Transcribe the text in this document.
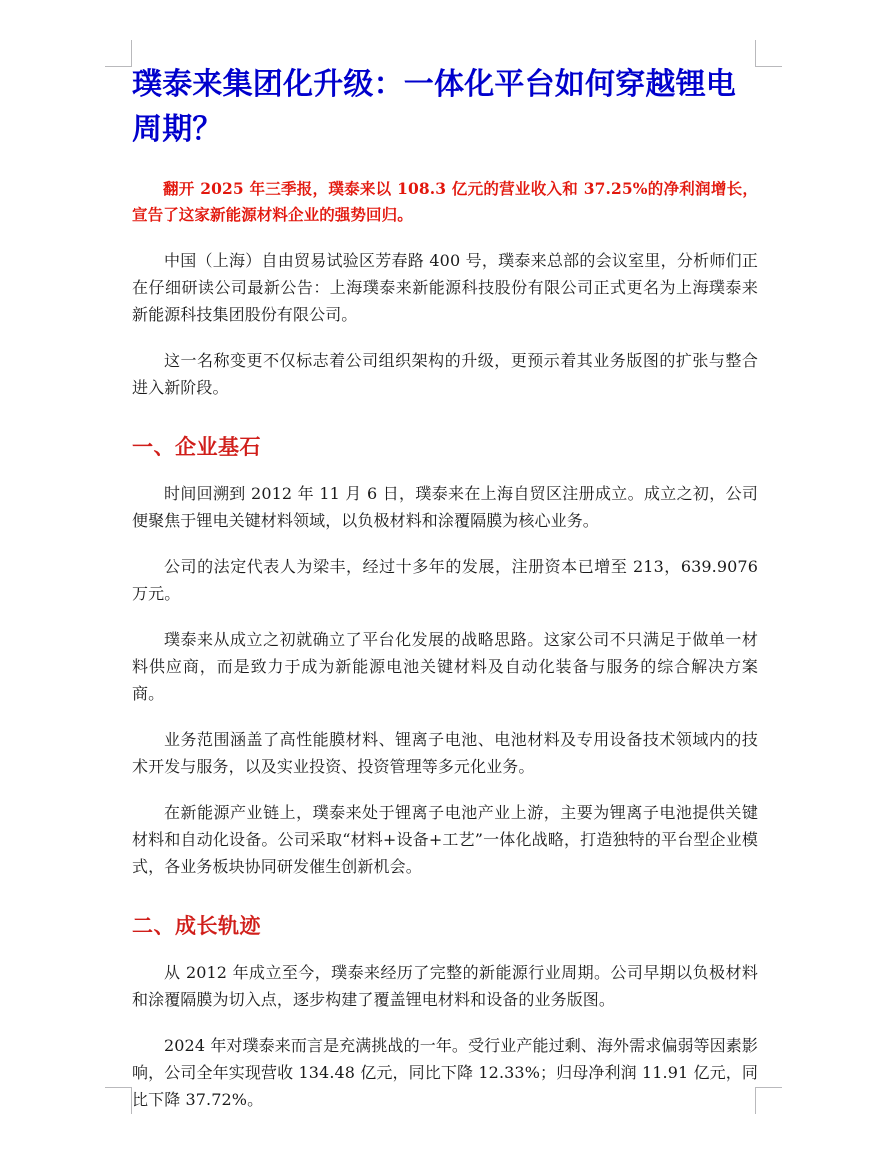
璞泰来集团化升级：一体化平台如何穿越锂电周期？

翻开 2025 年三季报，璞泰来以 108.3 亿元的营业收入和 37.25%的净利润增长，宣告了这家新能源材料企业的强势回归。

中国（上海）自由贸易试验区芳春路 400 号，璞泰来总部的会议室里，分析师们正在仔细研读公司最新公告：上海璞泰来新能源科技股份有限公司正式更名为上海璞泰来新能源科技集团股份有限公司。

这一名称变更不仅标志着公司组织架构的升级，更预示着其业务版图的扩张与整合进入新阶段。

一、企业基石

时间回溯到 2012 年 11 月 6 日，璞泰来在上海自贸区注册成立。成立之初，公司便聚焦于锂电关键材料领域，以负极材料和涂覆隔膜为核心业务。

公司的法定代表人为梁丰，经过十多年的发展，注册资本已增至 213，639.9076 万元。

璞泰来从成立之初就确立了平台化发展的战略思路。这家公司不只满足于做单一材料供应商，而是致力于成为新能源电池关键材料及自动化装备与服务的综合解决方案商。

业务范围涵盖了高性能膜材料、锂离子电池、电池材料及专用设备技术领域内的技术开发与服务，以及实业投资、投资管理等多元化业务。

在新能源产业链上，璞泰来处于锂离子电池产业上游，主要为锂离子电池提供关键材料和自动化设备。公司采取“材料+设备+工艺”一体化战略，打造独特的平台型企业模式，各业务板块协同研发催生创新机会。

二、成长轨迹

从 2012 年成立至今，璞泰来经历了完整的新能源行业周期。公司早期以负极材料和涂覆隔膜为切入点，逐步构建了覆盖锂电材料和设备的业务版图。

2024 年对璞泰来而言是充满挑战的一年。受行业产能过剩、海外需求偏弱等因素影响，公司全年实现营收 134.48 亿元，同比下降 12.33%；归母净利润 11.91 亿元，同比下降 37.72%。
